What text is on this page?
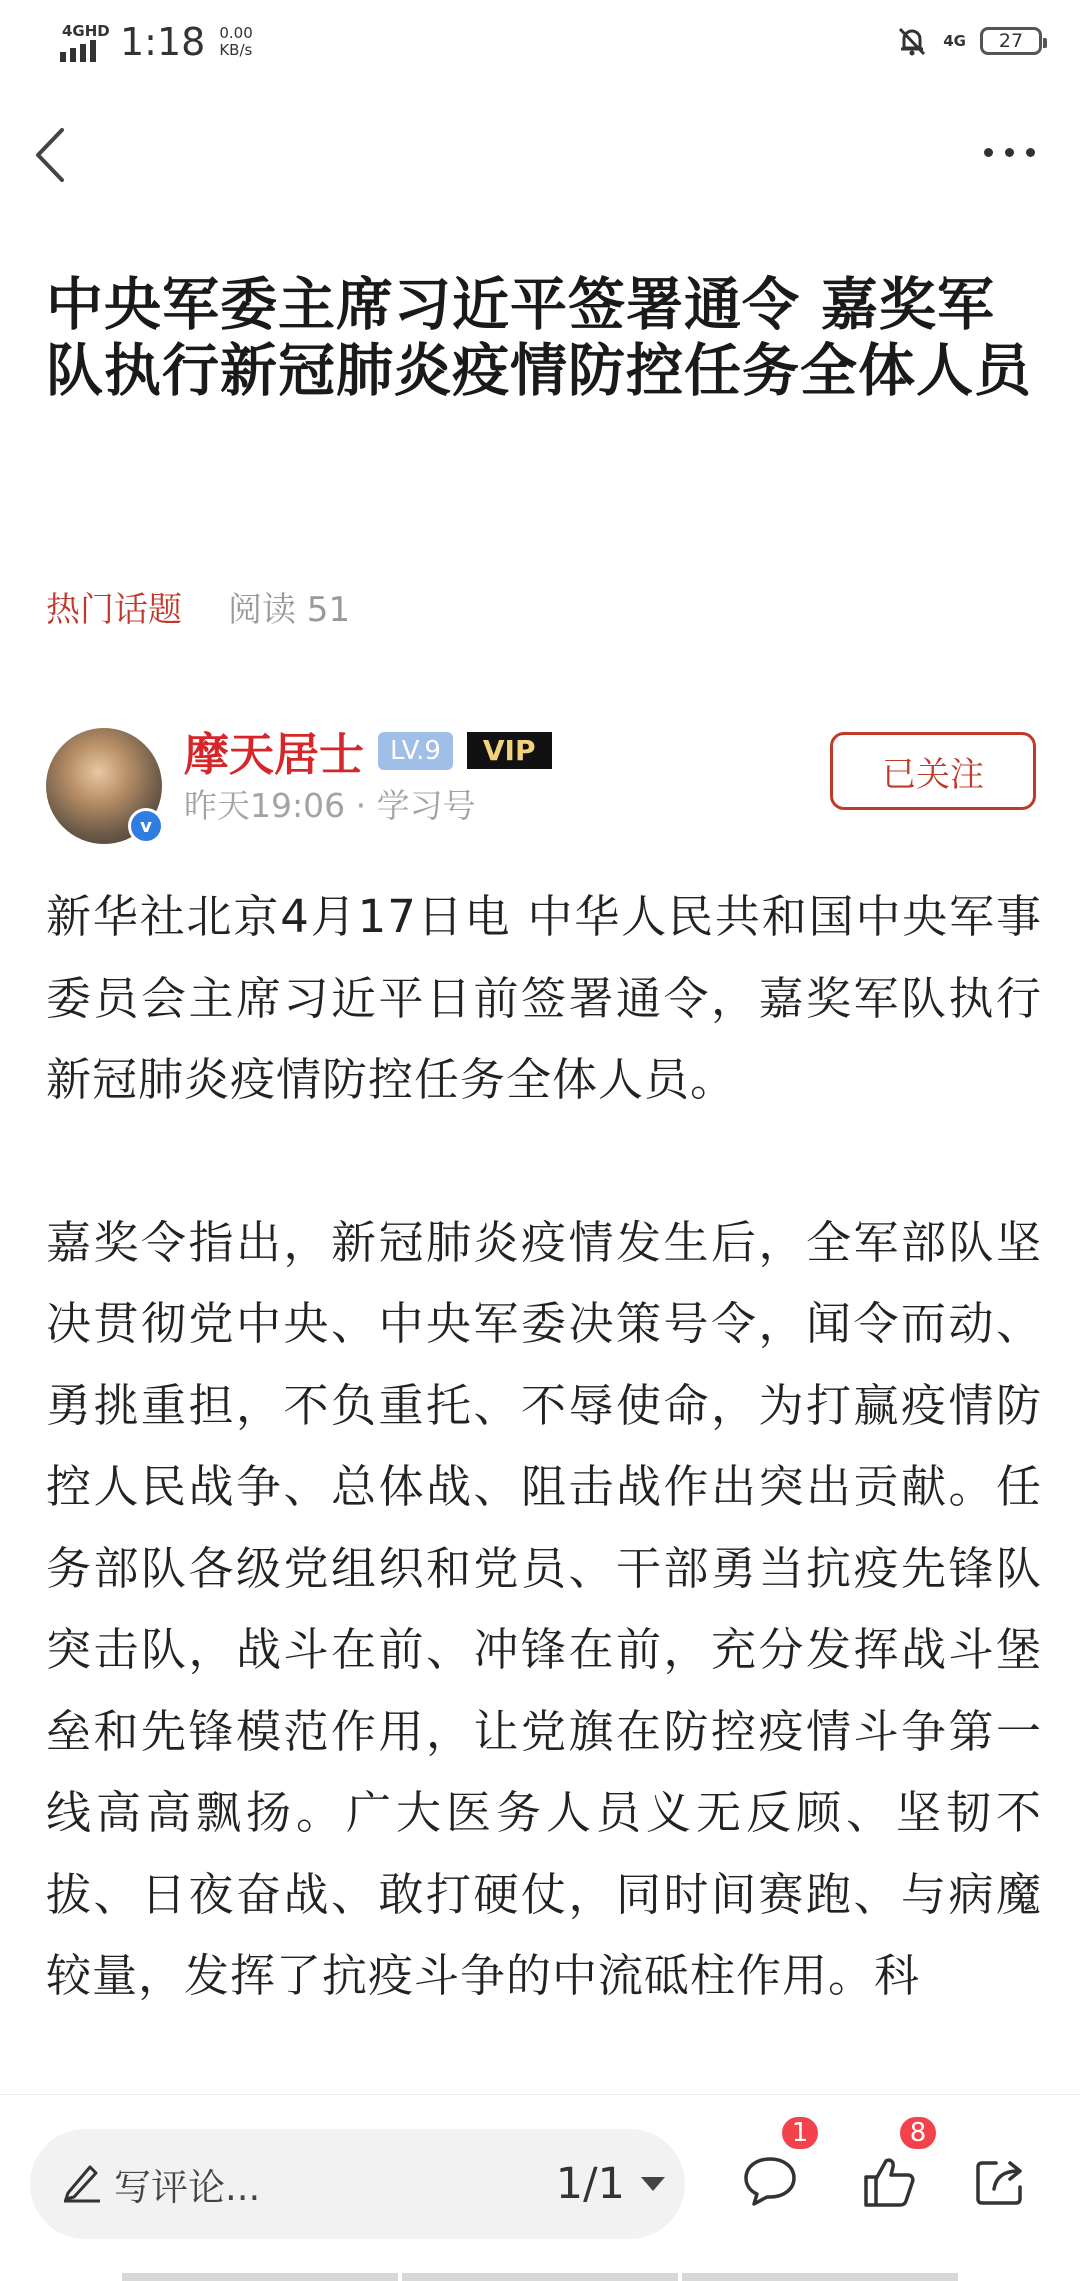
4GHD 1:18 0.00
KB/s	4G 27
中央军委主席习近平签署通令 嘉奖军队执行新冠肺炎疫情防控任务全体人员
热门话题 阅读 51
v
摩天居士	LV.9	VIP
昨天19:06 · 学习号
已关注

新华社北京4月17日电 中华人民共和国中央军事委员会主席习近平日前签署通令，嘉奖军队执行新冠肺炎疫情防控任务全体人员。

嘉奖令指出，新冠肺炎疫情发生后，全军部队坚决贯彻党中央、中央军委决策号令，闻令而动、勇挑重担，不负重托、不辱使命，为打赢疫情防控人民战争、总体战、阻击战作出突出贡献。任务部队各级党组织和党员、干部勇当抗疫先锋队突击队，战斗在前、冲锋在前，充分发挥战斗堡垒和先锋模范作用，让党旗在防控疫情斗争第一线高高飘扬。广大医务人员义无反顾、坚韧不拔、日夜奋战、敢打硬仗，同时间赛跑、与病魔较量，发挥了抗疫斗争的中流砥柱作用。科

写评论...	1/1
1	8
